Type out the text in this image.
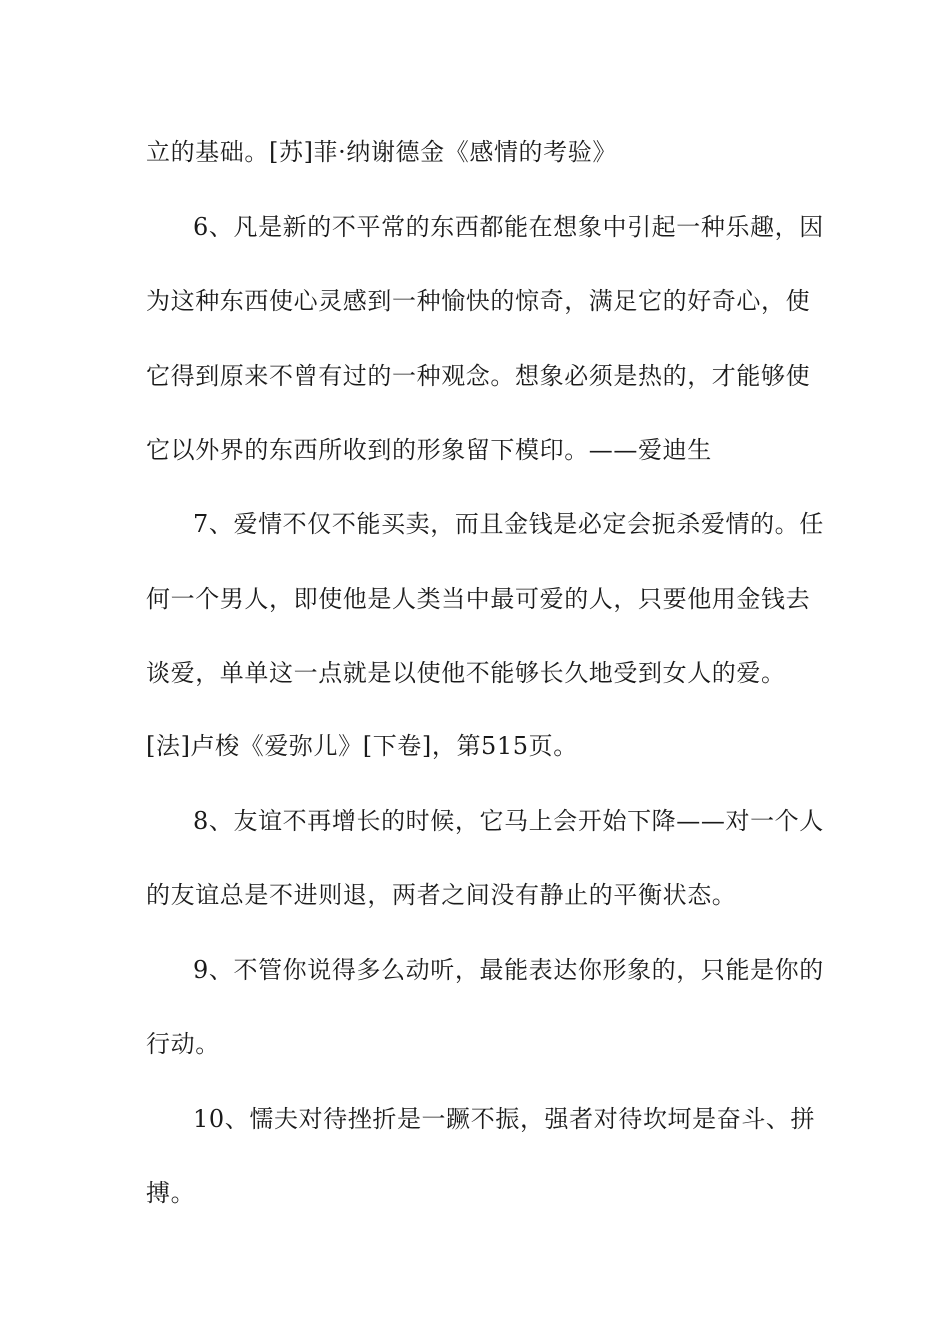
立的基础。[苏]菲·纳谢德金《感情的考验》
6、凡是新的不平常的东西都能在想象中引起一种乐趣，因
为这种东西使心灵感到一种愉快的惊奇，满足它的好奇心，使
它得到原来不曾有过的一种观念。想象必须是热的，才能够使
它以外界的东西所收到的形象留下模印。——爱迪生
7、爱情不仅不能买卖，而且金钱是必定会扼杀爱情的。任
何一个男人，即使他是人类当中最可爱的人，只要他用金钱去
谈爱，单单这一点就是以使他不能够长久地受到女人的爱。
[法]卢梭《爱弥儿》[下卷]，第515页。
8、友谊不再增长的时候，它马上会开始下降——对一个人
的友谊总是不进则退，两者之间没有静止的平衡状态。
9、不管你说得多么动听，最能表达你形象的，只能是你的
行动。
10、懦夫对待挫折是一蹶不振，强者对待坎坷是奋斗、拼
搏。
